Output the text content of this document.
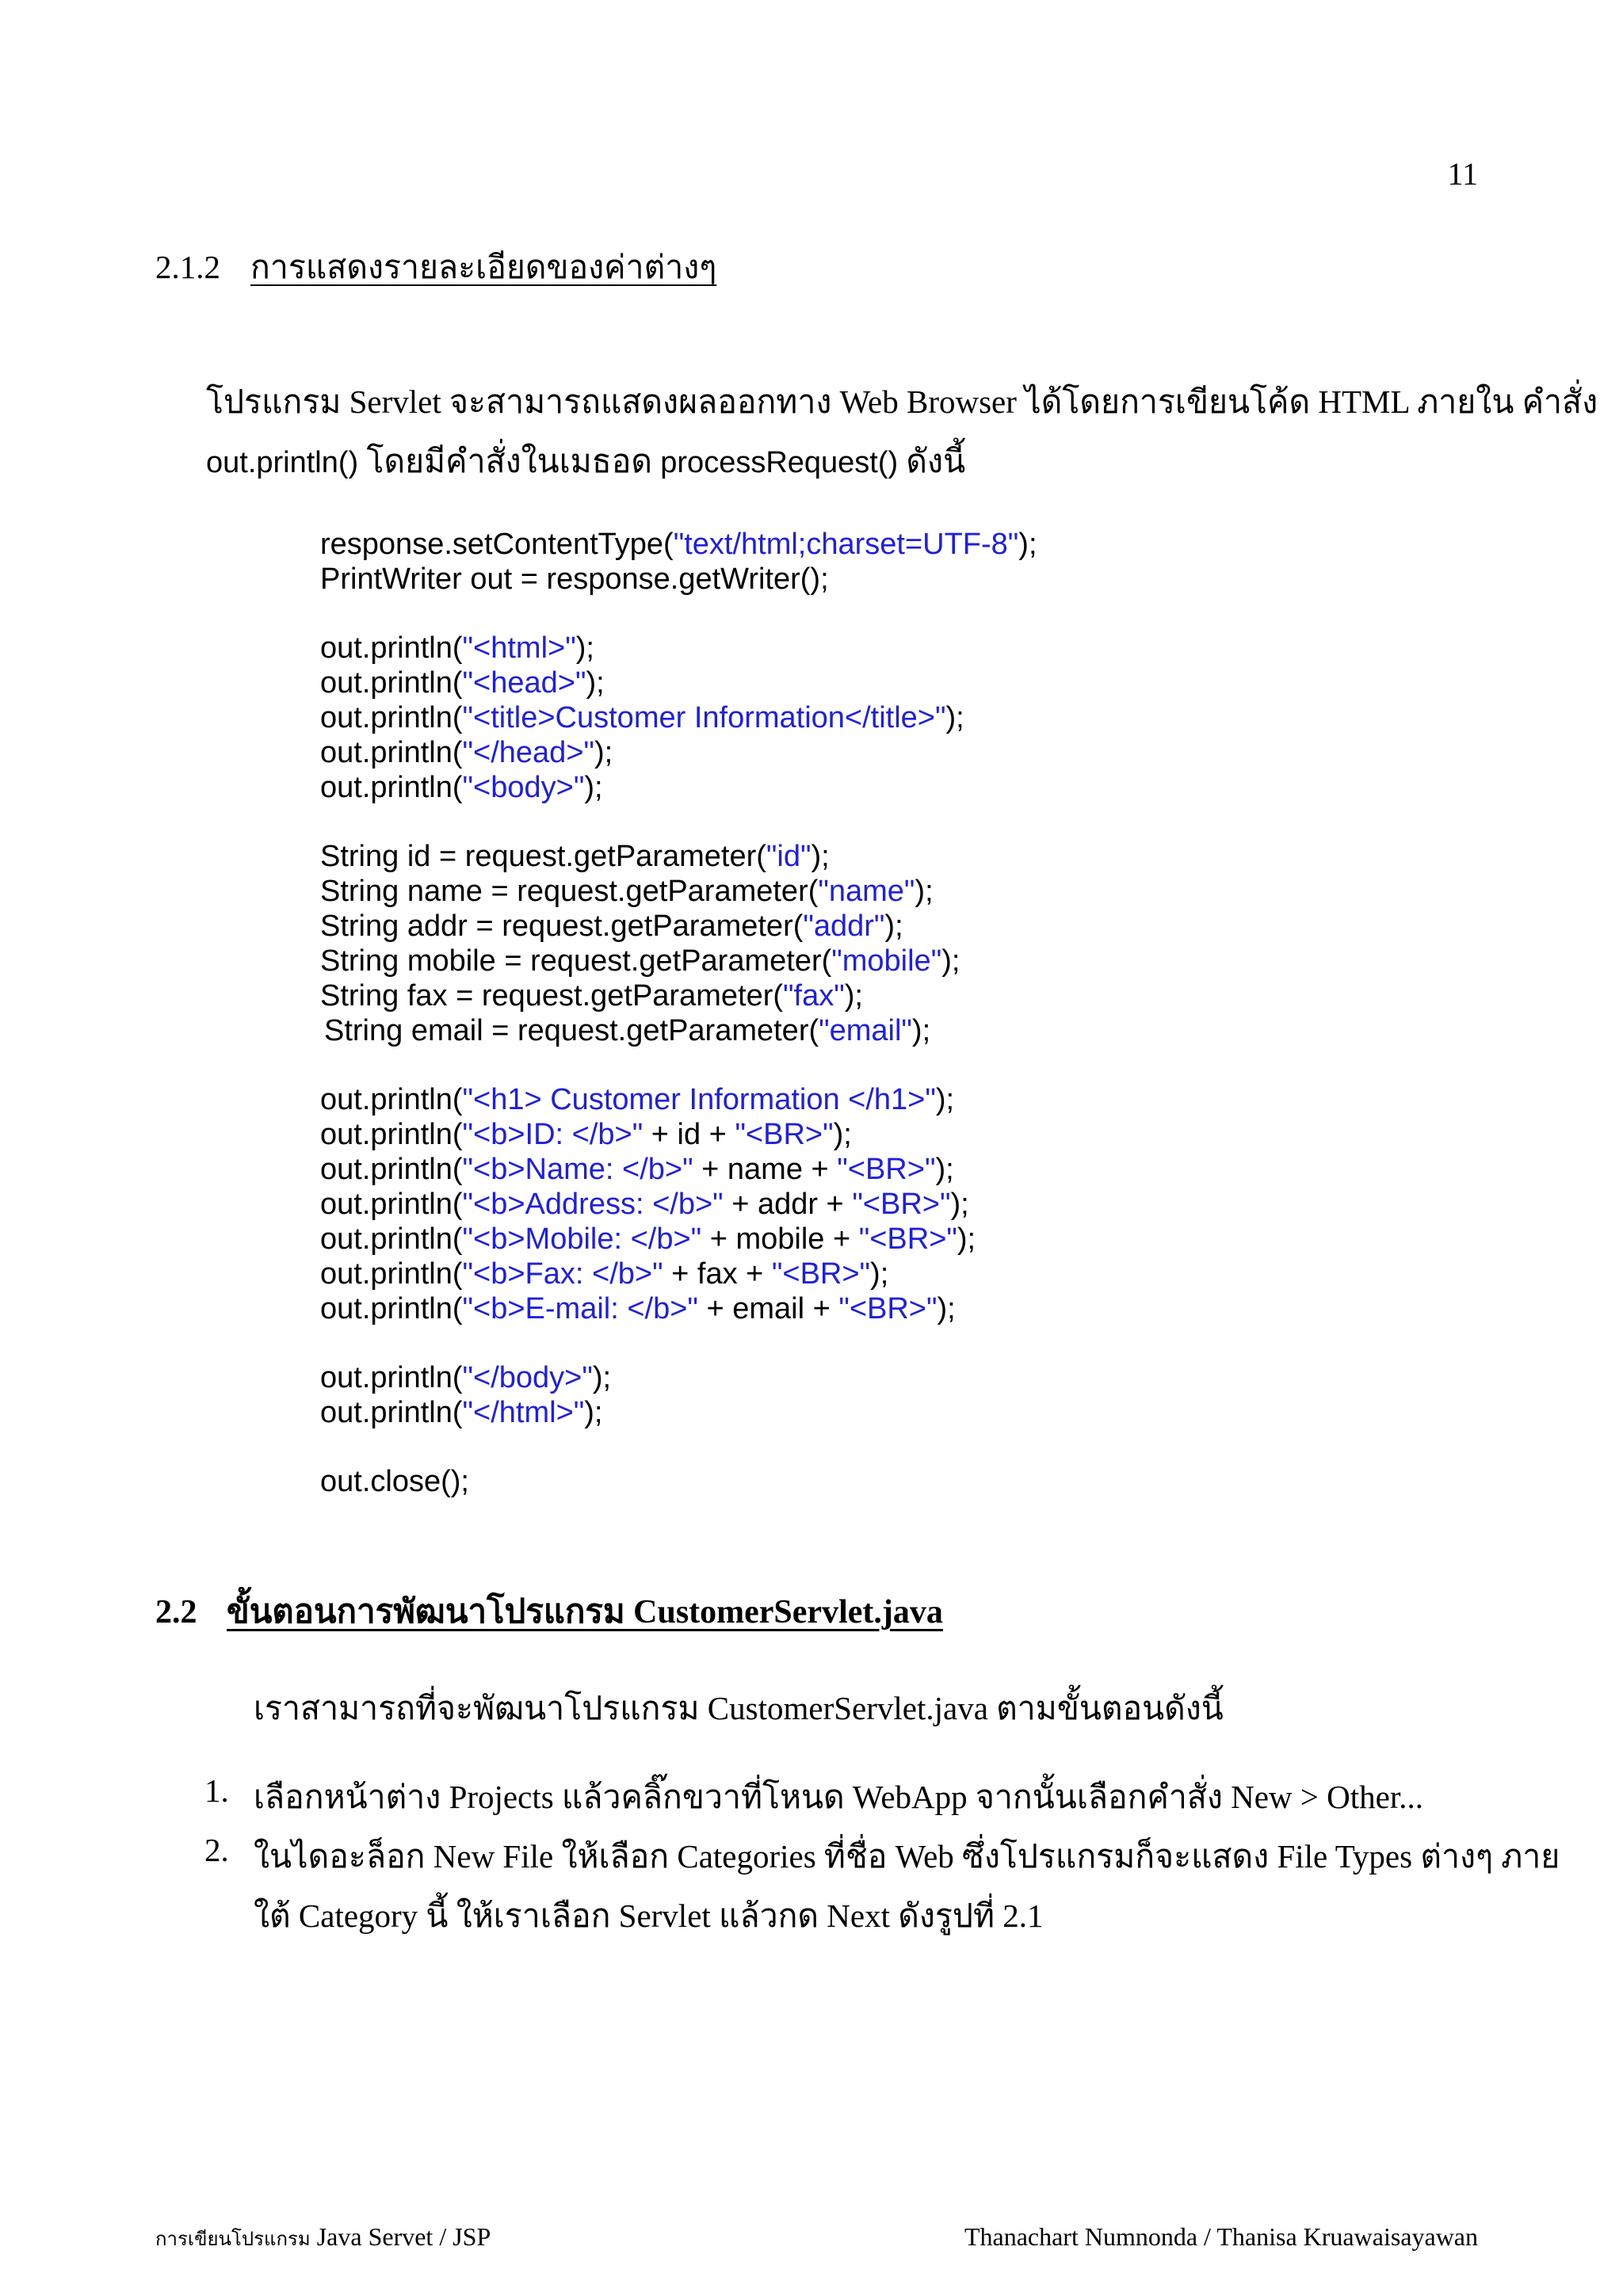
11
2.1.2 การแสดงรายละเอียดของค่าต่างๆ
โปรแกรม Servlet จะสามารถแสดงผลออกทาง Web Browser ได้โดยการเขียนโค้ด HTML ภายใน คำสั่ง
out.println() โดยมีคำสั่งในเมธอด processRequest() ดังนี้
response.setContentType("text/html;charset=UTF-8");
PrintWriter out = response.getWriter();
out.println("<html>");
out.println("<head>");
out.println("<title>Customer Information</title>");
out.println("</head>");
out.println("<body>");
String id = request.getParameter("id");
String name = request.getParameter("name");
String addr = request.getParameter("addr");
String mobile = request.getParameter("mobile");
String fax = request.getParameter("fax");
String email = request.getParameter("email");
out.println("<h1> Customer Information </h1>");
out.println("<b>ID: </b>" + id + "<BR>");
out.println("<b>Name: </b>" + name + "<BR>");
out.println("<b>Address: </b>" + addr + "<BR>");
out.println("<b>Mobile: </b>" + mobile + "<BR>");
out.println("<b>Fax: </b>" + fax + "<BR>");
out.println("<b>E-mail: </b>" + email + "<BR>");
out.println("</body>");
out.println("</html>");
out.close();
2.2 ขั้นตอนการพัฒนาโปรแกรม CustomerServlet.java
เราสามารถที่จะพัฒนาโปรแกรม CustomerServlet.java ตามขั้นตอนดังนี้
1. เลือกหน้าต่าง Projects แล้วคลิ๊กขวาที่โหนด WebApp จากนั้นเลือกคำสั่ง New > Other...
2. ในไดอะล็อก New File ให้เลือก Categories ที่ชื่อ Web ซึ่งโปรแกรมก็จะแสดง File Types ต่างๆ ภาย
ใต้ Category นี้ ให้เราเลือก Servlet แล้วกด Next ดังรูปที่ 2.1
การเขียนโปรแกรม Java Servet / JSP	Thanachart Numnonda / Thanisa Kruawaisayawan
